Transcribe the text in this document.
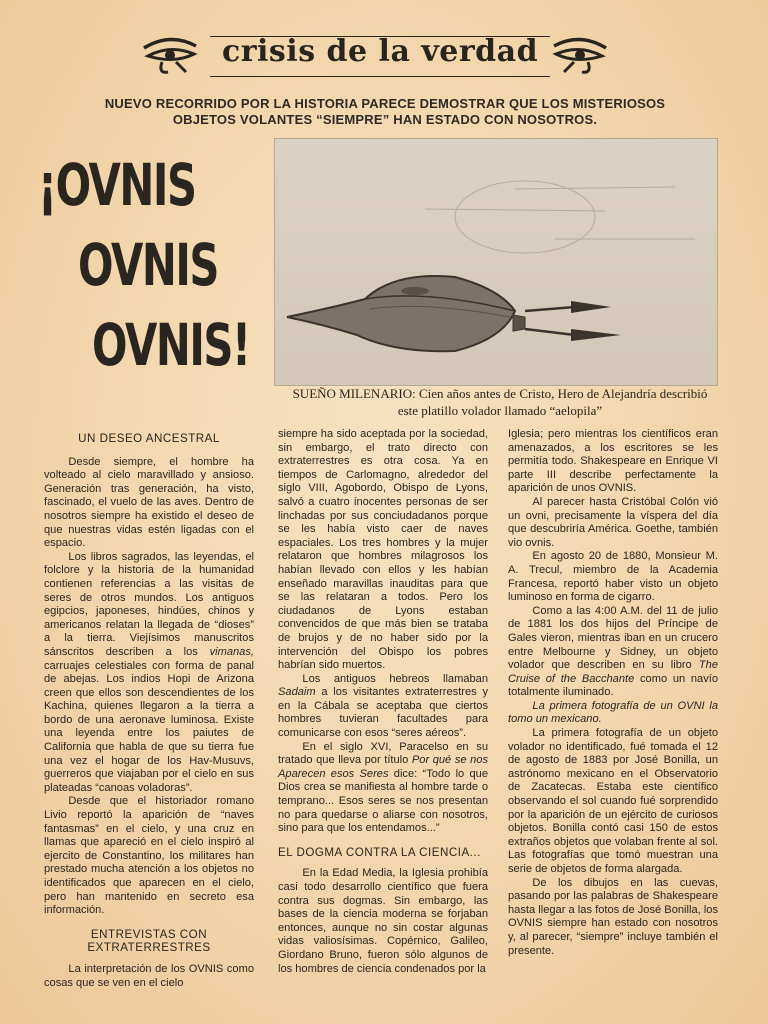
crisis de la verdad
NUEVO RECORRIDO POR LA HISTORIA PARECE DEMOSTRAR QUE LOS MISTERIOSOS
OBJETOS VOLANTES “SIEMPRE” HAN ESTADO CON NOSOTROS.
¡OVNIS
OVNIS
OVNIS!
SUEÑO MILENARIO: Cien años antes de Cristo, Hero de Alejandría describió
este platillo volador llamado “aelopila”
UN DESEO ANCESTRAL

Desde siempre, el hombre ha volteado al cielo maravillado y ansioso. Generación tras generación, ha visto, fascinado, el vuelo de las aves. Dentro de nosotros siempre ha existido el deseo de que nuestras vidas estén ligadas con el espacio.

Los libros sagrados, las leyendas, el folclore y la historia de la humanidad contienen referencias a las visitas de seres de otros mundos. Los antiguos egipcios, japoneses, hindúes, chinos y americanos relatan la llegada de “dioses” a la tierra. Viejísimos manuscritos sánscritos describen a los vimanas, carruajes celestiales con forma de panal de abejas. Los indios Hopi de Arizona creen que ellos son descendientes de los Kachina, quienes llegaron a la tierra a bordo de una aeronave luminosa. Existe una leyenda entre los paiutes de California que habla de que su tierra fue una vez el hogar de los Hav-Musuvs, guerreros que viajaban por el cielo en sus plateadas “canoas voladoras”.

Desde que el historiador romano Livio reportó la aparición de “naves fantasmas” en el cielo, y una cruz en llamas que apareció en el cielo inspiró al ejercito de Constantino, los militares han prestado mucha atención a los objetos no identificados que aparecen en el cielo, pero han mantenido en secreto esa información.

ENTREVISTAS CON EXTRATERRESTRES

La interpretación de los OVNIS como cosas que se ven en el cielo

siempre ha sido aceptada por la sociedad, sin embargo, el trato directo con extraterrestres es otra cosa. Ya en tiempos de Carlomagno, alrededor del siglo VIII, Agobordo, Obispo de Lyons, salvó a cuatro inocentes personas de ser linchadas por sus conciudadanos porque se les había visto caer de naves espaciales. Los tres hombres y la mujer relataron que hombres milagrosos los habían llevado con ellos y les habían enseñado maravillas inauditas para que se las relataran a todos. Pero los ciudadanos de Lyons estaban convencidos de que más bien se trataba de brujos y de no haber sido por la intervención del Obispo los pobres habrían sido muertos.

Los antiguos hebreos llamaban Sadaim a los visitantes extraterrestres y en la Cábala se aceptaba que ciertos hombres tuvieran facultades para comunicarse con esos “seres aéreos”.

En el siglo XVI, Paracelso en su tratado que lleva por título Por qué se nos Aparecen esos Seres dice: “Todo lo que Dios crea se manifiesta al hombre tarde o temprano... Esos seres se nos presentan no para quedarse o aliarse con nosotros, sino para que los entendamos...”

EL DOGMA CONTRA LA CIENCIA...

En la Edad Media, la Iglesia prohibía casi todo desarrollo científico que fuera contra sus dogmas. Sin embargo, las bases de la ciencia moderna se forjaban entonces, aunque no sin costar algunas vidas valiosísimas. Copérnico, Galileo, Giordano Bruno, fueron sólo algunos de los hombres de ciencia condenados por la

Iglesia; pero mientras los científicos eran amenazados, a los escritores se les permitía todo. Shakespeare en Enrique VI parte III describe perfectamente la aparición de unos OVNIS.

Al parecer hasta Cristóbal Colón vió un ovni, precisamente la víspera del día que descubriría América. Goethe, también vio ovnis.

En agosto 20 de 1880, Monsieur M. A. Trecul, miembro de la Academia Francesa, reportó haber visto un objeto luminoso en forma de cigarro.

Como a las 4:00 A.M. del 11 de julio de 1881 los dos hijos del Príncipe de Gales vieron, mientras iban en un crucero entre Melbourne y Sidney, un objeto volador que describen en su libro The Cruise of the Bacchante como un navío totalmente iluminado.

La primera fotografía de un OVNI la tomo un mexicano.

La primera fotografía de un objeto volador no identificado, fué tomada el 12 de agosto de 1883 por José Bonilla, un astrónomo mexicano en el Observatorio de Zacatecas. Estaba este científico observando el sol cuando fué sorprendido por la aparición de un ejército de curiosos objetos. Bonilla contó casi 150 de estos extraños objetos que volaban frente al sol. Las fotografías que tomó muestran una serie de objetos de forma alargada.

De los dibujos en las cuevas, pasando por las palabras de Shakespeare hasta llegar a las fotos de José Bonilla, los OVNIS siempre han estado con nosotros y, al parecer, “siempre” incluye también el presente.
